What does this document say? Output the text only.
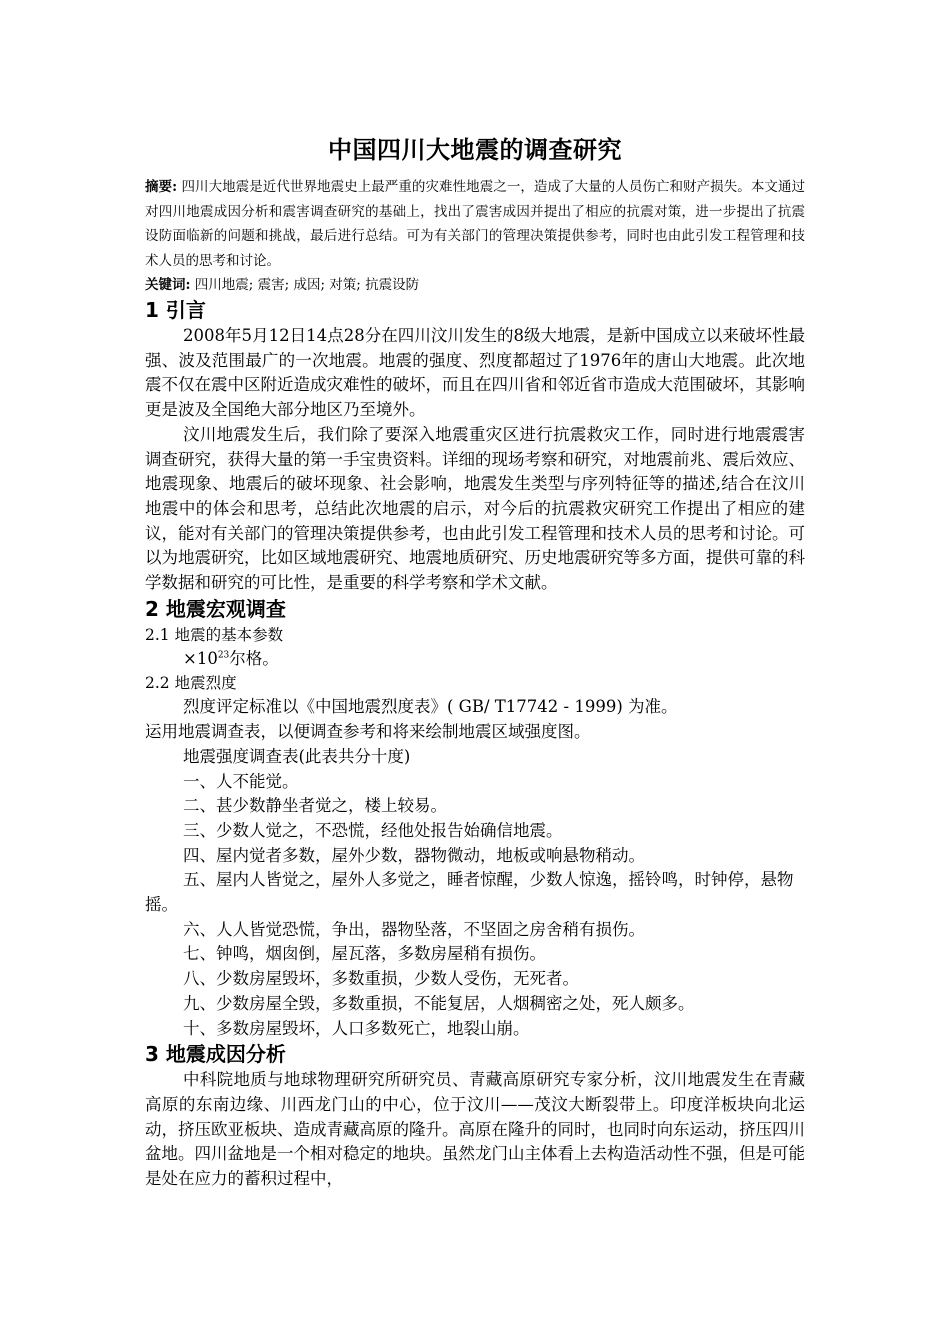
中国四川大地震的调查研究

摘要: 四川大地震是近代世界地震史上最严重的灾难性地震之一，造成了大量的人员伤亡和财产损失。本文通过对四川地震成因分析和震害调查研究的基础上，找出了震害成因并提出了相应的抗震对策，进一步提出了抗震设防面临新的问题和挑战，最后进行总结。可为有关部门的管理决策提供参考，同时也由此引发工程管理和技术人员的思考和讨论。

关键词: 四川地震; 震害; 成因; 对策; 抗震设防

1 引言

2008年5月12日14点28分在四川汶川发生的8级大地震，是新中国成立以来破坏性最强、波及范围最广的一次地震。地震的强度、烈度都超过了1976年的唐山大地震。此次地震不仅在震中区附近造成灾难性的破坏，而且在四川省和邻近省市造成大范围破坏，其影响更是波及全国绝大部分地区乃至境外。

汶川地震发生后，我们除了要深入地震重灾区进行抗震救灾工作，同时进行地震震害调查研究，获得大量的第一手宝贵资料。详细的现场考察和研究，对地震前兆、震后效应、地震现象、地震后的破坏现象、社会影响，地震发生类型与序列特征等的描述,结合在汶川地震中的体会和思考，总结此次地震的启示，对今后的抗震救灾研究工作提出了相应的建议，能对有关部门的管理决策提供参考，也由此引发工程管理和技术人员的思考和讨论。可以为地震研究，比如区域地震研究、地震地质研究、历史地震研究等多方面，提供可靠的科学数据和研究的可比性，是重要的科学考察和学术文献。

2 地震宏观调查

2.1 地震的基本参数

$\times 10^{23}$尔格。

2.2 地震烈度

烈度评定标准以《中国地震烈度表》( GB/ T17742 - 1999) 为准。

运用地震调查表，以便调查参考和将来绘制地震区域强度图。

地震强度调查表(此表共分十度)

一、人不能觉。

二、甚少数静坐者觉之，楼上较易。

三、少数人觉之，不恐慌，经他处报告始确信地震。

四、屋内觉者多数，屋外少数，器物微动，地板或响悬物稍动。

五、屋内人皆觉之，屋外人多觉之，睡者惊醒，少数人惊逸，摇铃鸣，时钟停，悬物摇。

六、人人皆觉恐慌，争出，器物坠落，不坚固之房舍稍有损伤。

七、钟鸣，烟囱倒，屋瓦落，多数房屋稍有损伤。

八、少数房屋毁坏，多数重损，少数人受伤，无死者。

九、少数房屋全毁，多数重损，不能复居，人烟稠密之处，死人颇多。

十、多数房屋毁坏，人口多数死亡，地裂山崩。

3 地震成因分析

中科院地质与地球物理研究所研究员、青藏高原研究专家分析，汶川地震发生在青藏高原的东南边缘、川西龙门山的中心，位于汶川——茂汶大断裂带上。印度洋板块向北运动，挤压欧亚板块、造成青藏高原的隆升。高原在隆升的同时，也同时向东运动，挤压四川盆地。四川盆地是一个相对稳定的地块。虽然龙门山主体看上去构造活动性不强，但是可能是处在应力的蓄积过程中，
